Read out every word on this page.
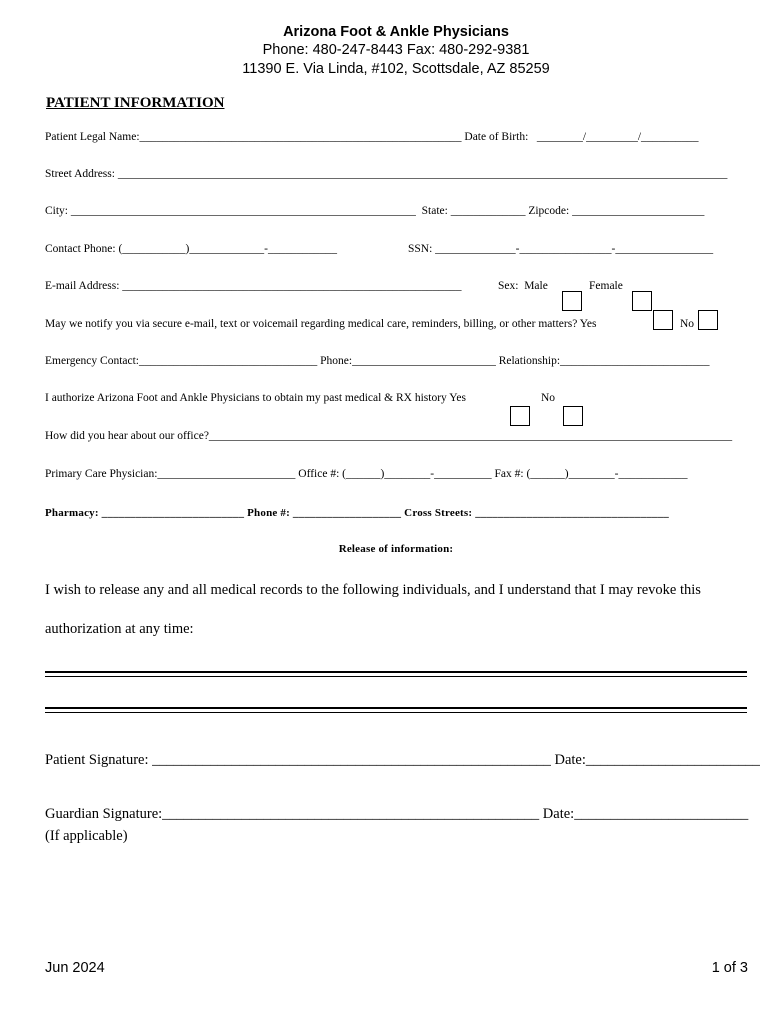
Arizona Foot & Ankle Physicians
Phone: 480-247-8443 Fax: 480-292-9381
11390 E. Via Linda, #102, Scottsdale, AZ 85259
PATIENT INFORMATION
Patient Legal Name:________________________________________________________ Date of Birth:   ________/_________/__________
Street Address: __________________________________________________________________________________________________________
City: ____________________________________________________________  State: _____________ Zipcode: _______________________
Contact Phone: (___________)_____________-____________	SSN: ______________-________________-_________________
E-mail Address: ___________________________________________________________	Sex:  Male	Female
May we notify you via secure e-mail, text or voicemail regarding medical care, reminders, billing, or other matters? Yes	No
Emergency Contact:_______________________________ Phone:_________________________ Relationship:__________________________
I authorize Arizona Foot and Ankle Physicians to obtain my past medical & RX history Yes	No
How did you hear about our office?___________________________________________________________________________________________
Primary Care Physician:________________________ Office #: (______)________-__________ Fax #: (______)________-____________
Pharmacy: _________________________ Phone #: ___________________ Cross Streets: __________________________________
Release of information:
I wish to release any and all medical records to the following individuals, and I understand that I may revoke this
authorization at any time:
Patient Signature: _______________________________________________________ Date:________________________
Guardian Signature:____________________________________________________ Date:________________________
(If applicable)
Jun 2024	1 of 3
